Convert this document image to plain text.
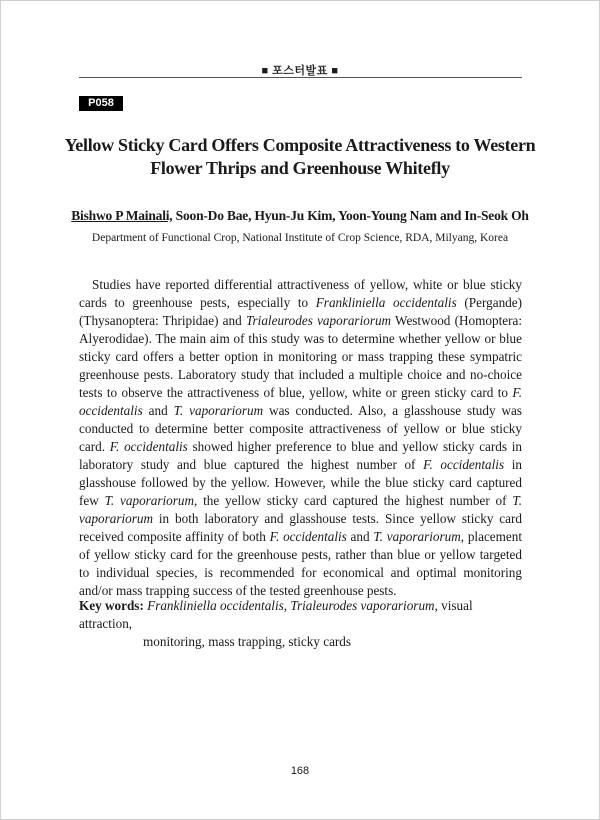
■ 포스터발표 ■
P058
Yellow Sticky Card Offers Composite Attractiveness to Western
Flower Thrips and Greenhouse Whitefly
Bishwo P Mainali, Soon-Do Bae, Hyun-Ju Kim, Yoon-Young Nam and In-Seok Oh
Department of Functional Crop, National Institute of Crop Science, RDA, Milyang, Korea

Studies have reported differential attractiveness of yellow, white or blue sticky cards to greenhouse pests, especially to Frankliniella occidentalis (Pergande) (Thysanoptera: Thripidae) and Trialeurodes vaporariorum Westwood (Homoptera: Alyerodidae). The main aim of this study was to determine whether yellow or blue sticky card offers a better option in monitoring or mass trapping these sympatric greenhouse pests. Laboratory study that included a multiple choice and no-choice tests to observe the attractiveness of blue, yellow, white or green sticky card to F. occidentalis and T. vaporariorum was conducted. Also, a glasshouse study was conducted to determine better composite attractiveness of yellow or blue sticky card. F. occidentalis showed higher preference to blue and yellow sticky cards in laboratory study and blue captured the highest number of F. occidentalis in glasshouse followed by the yellow. However, while the blue sticky card captured few T. vaporariorum, the yellow sticky card captured the highest number of T. vaporariorum in both laboratory and glasshouse tests. Since yellow sticky card received composite affinity of both F. occidentalis and T. vaporariorum, placement of yellow sticky card for the greenhouse pests, rather than blue or yellow targeted to individual species, is recommended for economical and optimal monitoring and/or mass trapping success of the tested greenhouse pests.

Key words: Frankliniella occidentalis, Trialeurodes vaporariorum, visual attraction,
monitoring, mass trapping, sticky cards
168
